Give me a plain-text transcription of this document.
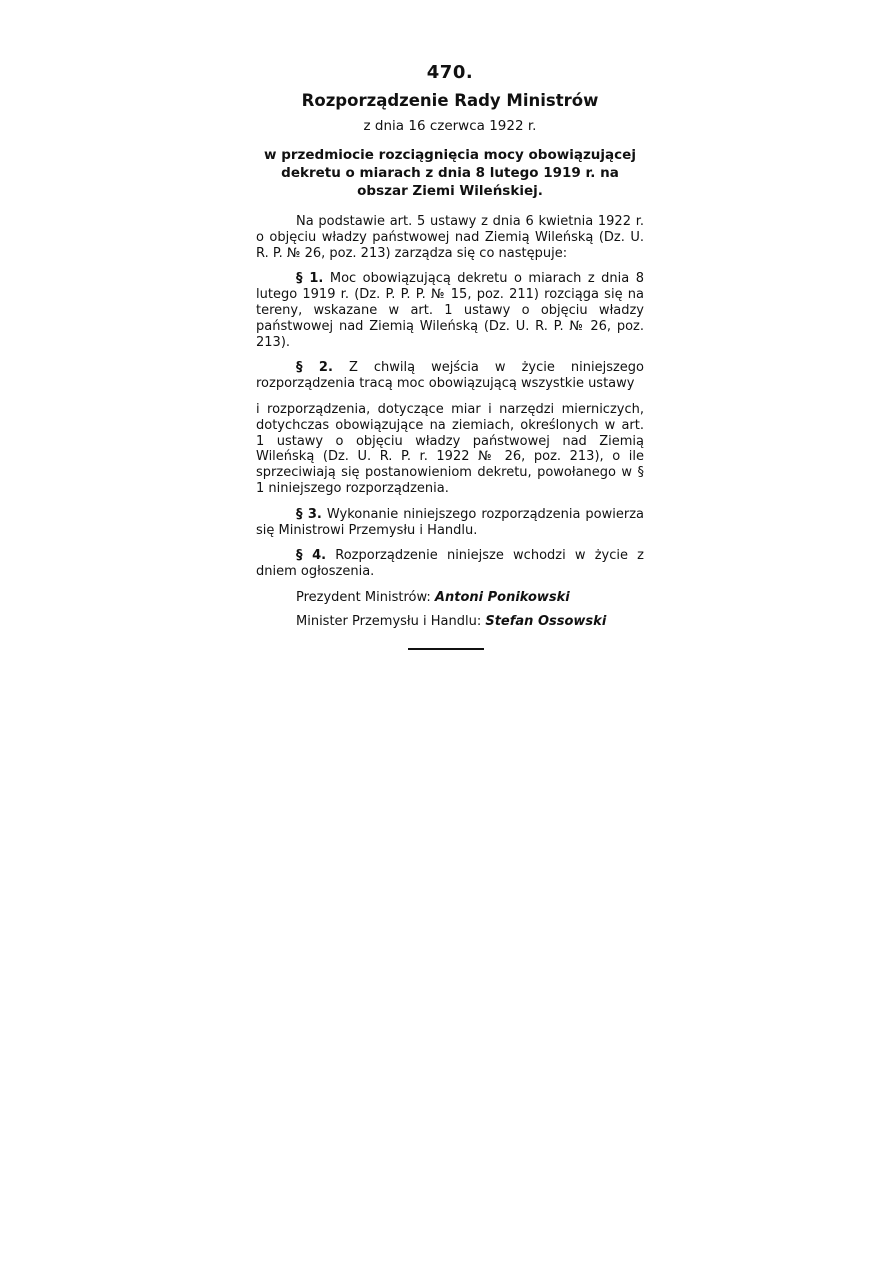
470.
Rozporządzenie Rady Ministrów
z dnia 16 czerwca 1922 r.
w przedmiocie rozciągnięcia mocy obowiązującej dekretu o miarach z dnia 8 lutego 1919 r. na obszar Ziemi Wileńskiej.

Na podstawie art. 5 ustawy z dnia 6 kwietnia 1922 r. o objęciu władzy państwowej nad Ziemią Wileńską (Dz. U. R. P. № 26, poz. 213) zarządza się co następuje:

§ 1. Moc obowiązującą dekretu o miarach z dnia 8 lutego 1919 r. (Dz. P. P. P. № 15, poz. 211) rozciąga się na tereny, wskazane w art. 1 ustawy o objęciu władzy państwowej nad Ziemią Wileńską (Dz. U. R. P. № 26, poz. 213).

§ 2. Z chwilą wejścia w życie niniejszego rozporządzenia tracą moc obowiązującą wszystkie ustawy

i rozporządzenia, dotyczące miar i narzędzi mierniczych, dotychczas obowiązujące na ziemiach, określonych w art. 1 ustawy o objęciu władzy państwowej nad Ziemią Wileńską (Dz. U. R. P. r. 1922 № 26, poz. 213), o ile sprzeciwiają się postanowieniom dekretu, powołanego w § 1 niniejszego rozporządzenia.

§ 3. Wykonanie niniejszego rozporządzenia powierza się Ministrowi Przemysłu i Handlu.

§ 4. Rozporządzenie niniejsze wchodzi w życie z dniem ogłoszenia.

Prezydent Ministrów: Antoni Ponikowski
Minister Przemysłu i Handlu: Stefan Ossowski
